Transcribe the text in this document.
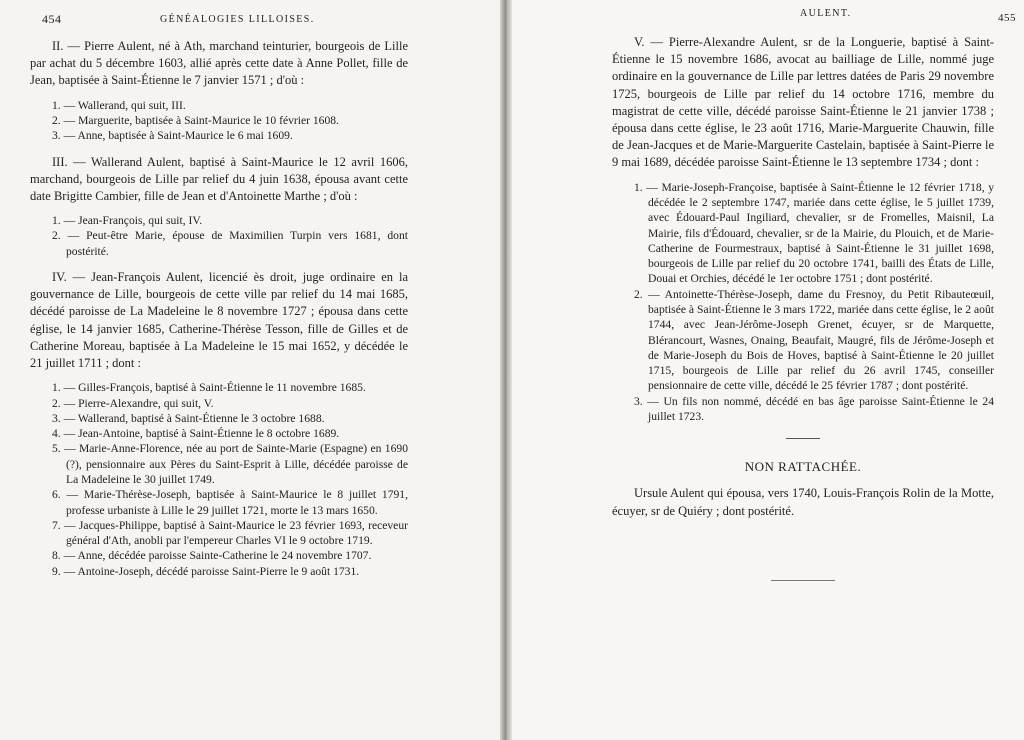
454	GÉNÉALOGIES LILLOISES.

II. — Pierre Aulent, né à Ath, marchand teinturier, bourgeois de Lille par achat du 5 décembre 1603, allié après cette date à Anne Pollet, fille de Jean, baptisée à Saint-Étienne le 7 janvier 1571 ; d'où :

1. — Wallerand, qui suit, III.

2. — Marguerite, baptisée à Saint-Maurice le 10 février 1608.

3. — Anne, baptisée à Saint-Maurice le 6 mai 1609.

III. — Wallerand Aulent, baptisé à Saint-Maurice le 12 avril 1606, marchand, bourgeois de Lille par relief du 4 juin 1638, épousa avant cette date Brigitte Cambier, fille de Jean et d'Antoinette Marthe ; d'où :

1. — Jean-François, qui suit, IV.

2. — Peut-être Marie, épouse de Maximilien Turpin vers 1681, dont postérité.

IV. — Jean-François Aulent, licencié ès droit, juge ordinaire en la gouvernance de Lille, bourgeois de cette ville par relief du 14 mai 1685, décédé paroisse de La Madeleine le 8 novembre 1727 ; épousa dans cette église, le 14 janvier 1685, Catherine-Thérèse Tesson, fille de Gilles et de Catherine Moreau, baptisée à La Madeleine le 15 mai 1652, y décédée le 21 juillet 1711 ; dont :

1. — Gilles-François, baptisé à Saint-Étienne le 11 novembre 1685.

2. — Pierre-Alexandre, qui suit, V.

3. — Wallerand, baptisé à Saint-Étienne le 3 octobre 1688.

4. — Jean-Antoine, baptisé à Saint-Étienne le 8 octobre 1689.

5. — Marie-Anne-Florence, née au port de Sainte-Marie (Espagne) en 1690 (?), pensionnaire aux Pères du Saint-Esprit à Lille, décédée paroisse de La Madeleine le 30 juillet 1749.

6. — Marie-Thérèse-Joseph, baptisée à Saint-Maurice le 8 juillet 1791, professe urbaniste à Lille le 29 juillet 1721, morte le 13 mars 1650.

7. — Jacques-Philippe, baptisé à Saint-Maurice le 23 février 1693, receveur général d'Ath, anobli par l'empereur Charles VI le 9 octobre 1719.

8. — Anne, décédée paroisse Sainte-Catherine le 24 novembre 1707.

9. — Antoine-Joseph, décédé paroisse Saint-Pierre le 9 août 1731.

AULENT.	455

V. — Pierre-Alexandre Aulent, sr de la Longuerie, baptisé à Saint-Étienne le 15 novembre 1686, avocat au bailliage de Lille, nommé juge ordinaire en la gouvernance de Lille par lettres datées de Paris 29 novembre 1725, bourgeois de Lille par relief du 14 octobre 1716, membre du magistrat de cette ville, décédé paroisse Saint-Étienne le 21 janvier 1738 ; épousa dans cette église, le 23 août 1716, Marie-Marguerite Chauwin, fille de Jean-Jacques et de Marie-Marguerite Castelain, baptisée à Saint-Pierre le 9 mai 1689, décédée paroisse Saint-Étienne le 13 septembre 1734 ; dont :

1. — Marie-Joseph-Françoise, baptisée à Saint-Étienne le 12 février 1718, y décédée le 2 septembre 1747, mariée dans cette église, le 5 juillet 1739, avec Édouard-Paul Ingiliard, chevalier, sr de Fromelles, Maisnil, La Mairie, fils d'Édouard, chevalier, sr de la Mairie, du Plouich, et de Marie-Catherine de Fourmestraux, baptisé à Saint-Étienne le 31 juillet 1698, bourgeois de Lille par relief du 20 octobre 1741, bailli des États de Lille, Douai et Orchies, décédé le 1er octobre 1751 ; dont postérité.

2. — Antoinette-Thérèse-Joseph, dame du Fresnoy, du Petit Ribauteœuil, baptisée à Saint-Étienne le 3 mars 1722, mariée dans cette église, le 2 août 1744, avec Jean-Jérôme-Joseph Grenet, écuyer, sr de Marquette, Blérancourt, Wasnes, Onaing, Beaufait, Maugré, fils de Jérôme-Joseph et de Marie-Joseph du Bois de Hoves, baptisé à Saint-Étienne le 20 juillet 1715, bourgeois de Lille par relief du 26 avril 1745, conseiller pensionnaire de cette ville, décédé le 25 février 1787 ; dont postérité.

3. — Un fils non nommé, décédé en bas âge paroisse Saint-Étienne le 24 juillet 1723.

NON RATTACHÉE.

Ursule Aulent qui épousa, vers 1740, Louis-François Rolin de la Motte, écuyer, sr de Quiéry ; dont postérité.
